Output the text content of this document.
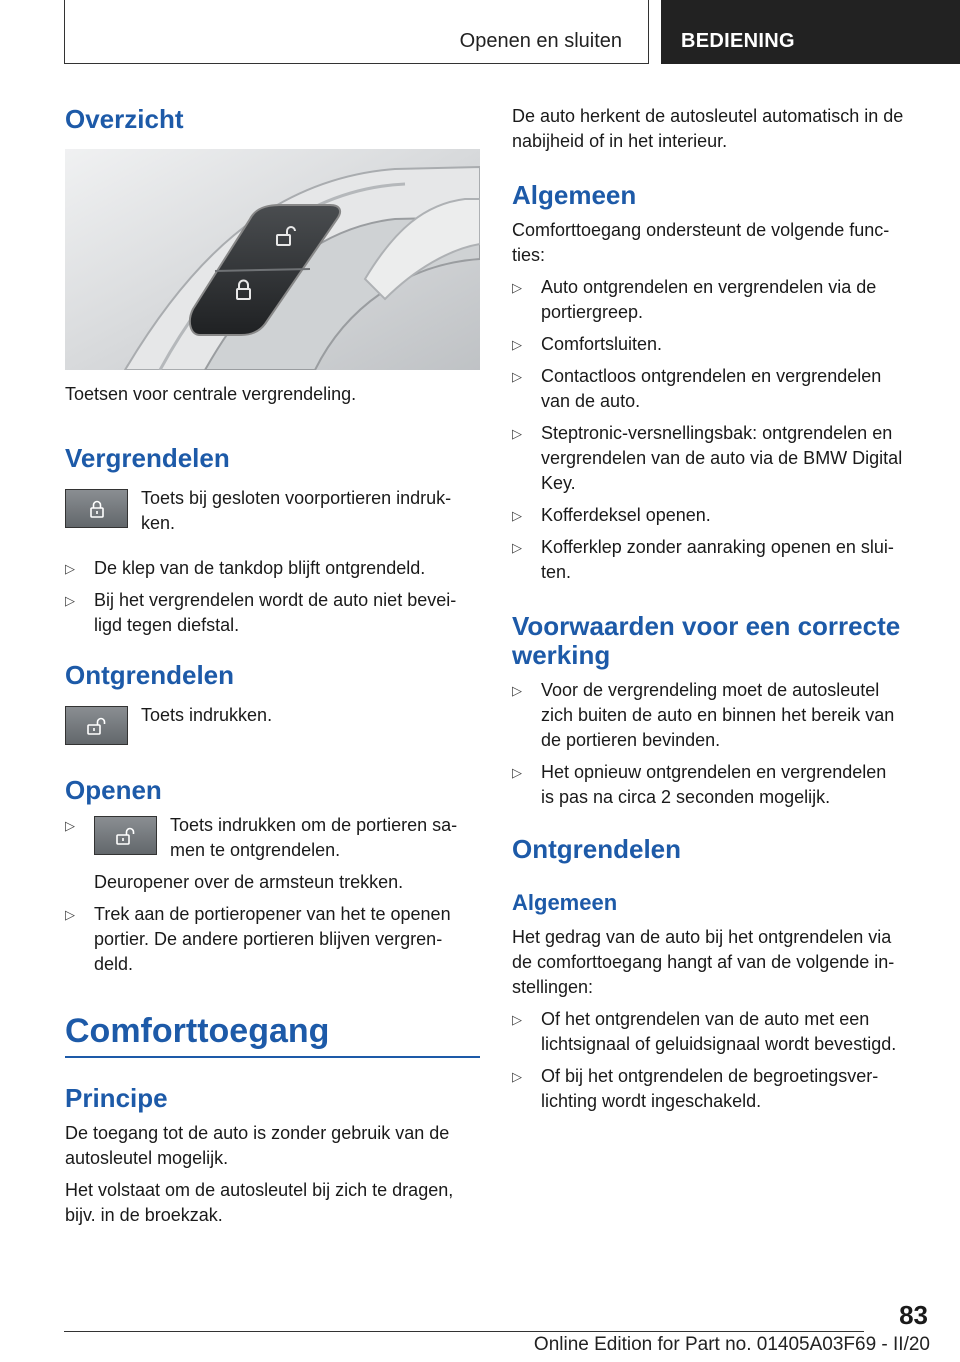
Openen en sluiten	BEDIENING
Overzicht

Toetsen voor centrale vergrendeling.

Vergrendelen

Toets bij gesloten voorportieren indruk-

ken.

▷	De klep van de tankdop blijft ontgrendeld.
▷	Bij het vergrendelen wordt de auto niet bevei-
ligd tegen diefstal.
Ontgrendelen

Toets indrukken.

Openen
▷	Toets indrukken om de portieren sa-

men te ontgrendelen.

Deuropener over de armsteun trekken.

▷	Trek aan de portieropener van het te openen
portier. De andere portieren blijven vergren-
deld.
Comforttoegang
Principe

De toegang tot de auto is zonder gebruik van de

autosleutel mogelijk.

Het volstaat om de autosleutel bij zich te dragen,

bijv. in de broekzak.

De auto herkent de autosleutel automatisch in de

nabijheid of in het interieur.

Algemeen

Comforttoegang ondersteunt de volgende func-

ties:

▷	Auto ontgrendelen en vergrendelen via de
portiergreep.
▷	Comfortsluiten.
▷	Contactloos ontgrendelen en vergrendelen
van de auto.
▷	Steptronic-versnellingsbak: ontgrendelen en
vergrendelen van de auto via de BMW Digital
Key.
▷	Kofferdeksel openen.
▷	Kofferklep zonder aanraking openen en slui-
ten.
Voorwaarden voor een correcte
werking
▷	Voor de vergrendeling moet de autosleutel
zich buiten de auto en binnen het bereik van
de portieren bevinden.
▷	Het opnieuw ontgrendelen en vergrendelen
is pas na circa 2 seconden mogelijk.
Ontgrendelen
Algemeen

Het gedrag van de auto bij het ontgrendelen via

de comforttoegang hangt af van de volgende in-

stellingen:

▷	Of het ontgrendelen van de auto met een
lichtsignaal of geluidsignaal wordt bevestigd.
▷	Of bij het ontgrendelen de begroetingsver-
lichting wordt ingeschakeld.
83
Online Edition for Part no. 01405A03F69 - II/20
